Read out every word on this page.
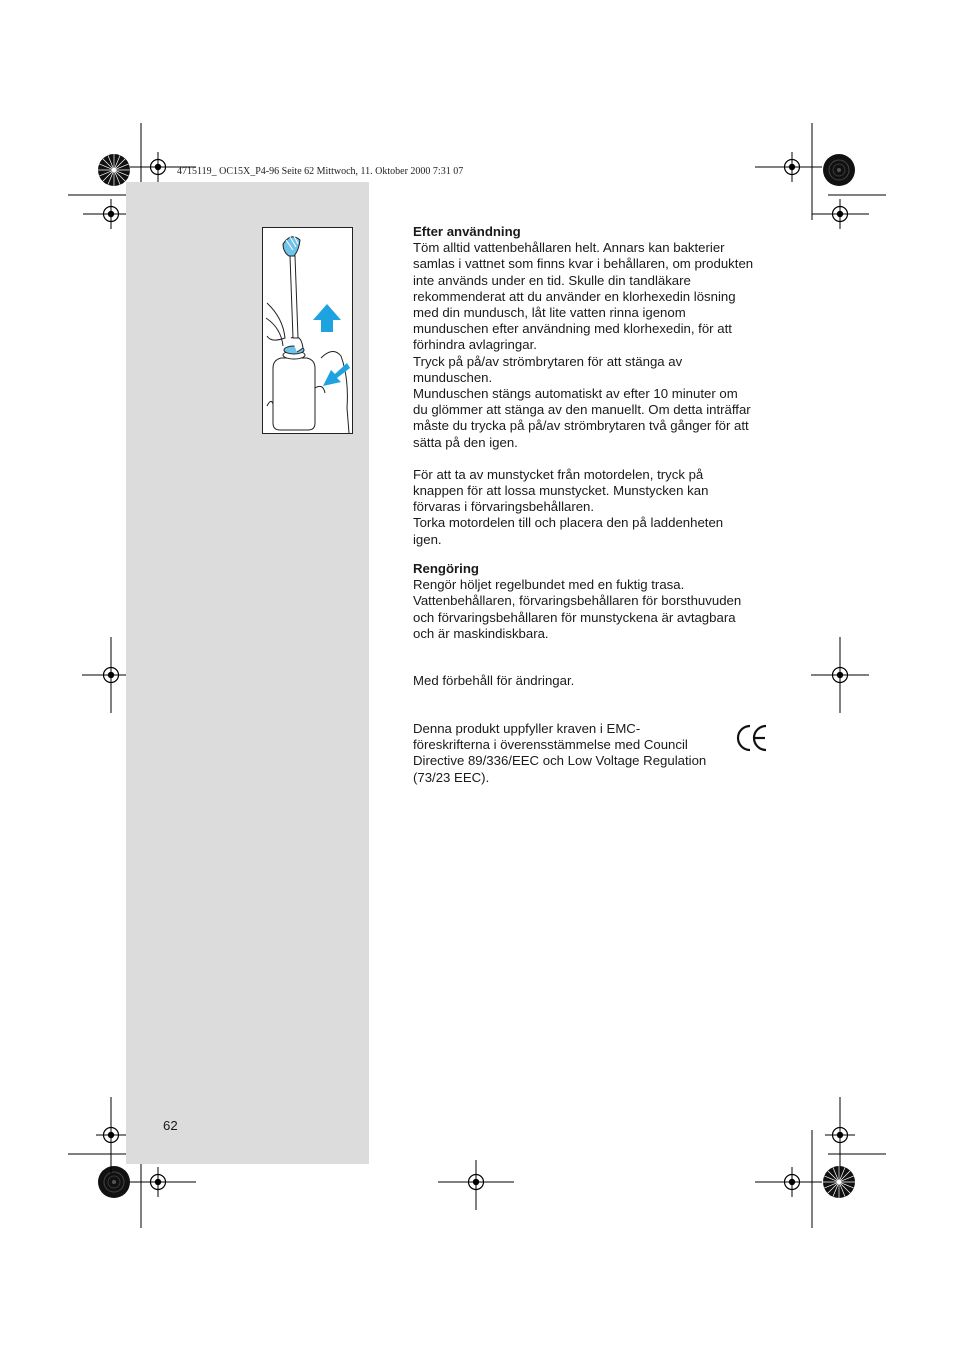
4715119_ OC15X_P4-96 Seite 62 Mittwoch, 11. Oktober 2000 7:31 07

Efter användning

Töm alltid vattenbehållaren helt. Annars kan bakterier
samlas i vattnet som finns kvar i behållaren, om produkten
inte används under en tid. Skulle din tandläkare
rekommenderat att du använder en klorhexedin lösning
med din mundusch, låt lite vatten rinna igenom
munduschen efter användning med klorhexedin, för att
förhindra avlagringar.

Tryck på på/av strömbrytaren för att stänga av
munduschen.

Munduschen stängs automatiskt av efter 10 minuter om
du glömmer att stänga av den manuellt. Om detta inträffar
måste du trycka på på/av strömbrytaren två gånger för att
sätta på den igen.

För att ta av munstycket från motordelen, tryck på
knappen för att lossa munstycket. Munstycken kan
förvaras i förvaringsbehållaren.

Torka motordelen till och placera den på laddenheten
igen.

Rengöring

Rengör höljet regelbundet med en fuktig trasa.
Vattenbehållaren, förvaringsbehållaren för borsthuvuden
och förvaringsbehållaren för munstyckena är avtagbara
och är maskindiskbara.

Med förbehåll för ändringar.
Denna produkt uppfyller kraven i EMC-
föreskrifterna i överensstämmelse med Council
Directive 89/336/EEC och Low Voltage Regulation
(73/23 EEC).
62
